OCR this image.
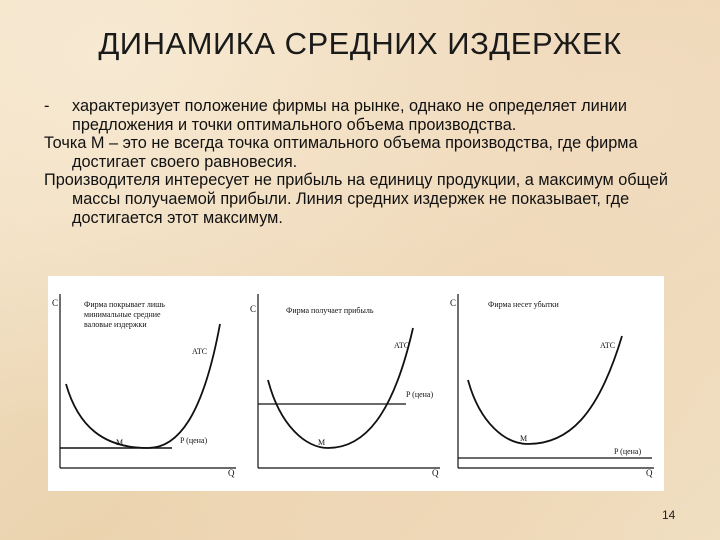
ДИНАМИКА СРЕДНИХ ИЗДЕРЖЕК

- характеризует положение фирмы на рынке, однако не определяет линии предложения и точки оптимального объема производства.

Точка М – это не всегда точка оптимального объема производства, где фирма достигает своего равновесия.

Производителя интересует не прибыль на единицу продукции, а максимум общей массы получаемой прибыли. Линия средних издержек не показывает, где достигается этот максимум.

C
Q
Фирма покрывает лишь
минимальные средние
валовые издержки
ATC
M	P (цена)
C
Q
Фирма получает прибыль
ATC
M
P (цена)
C
Q
Фирма несет убытки
ATC
M
P (цена)
14
